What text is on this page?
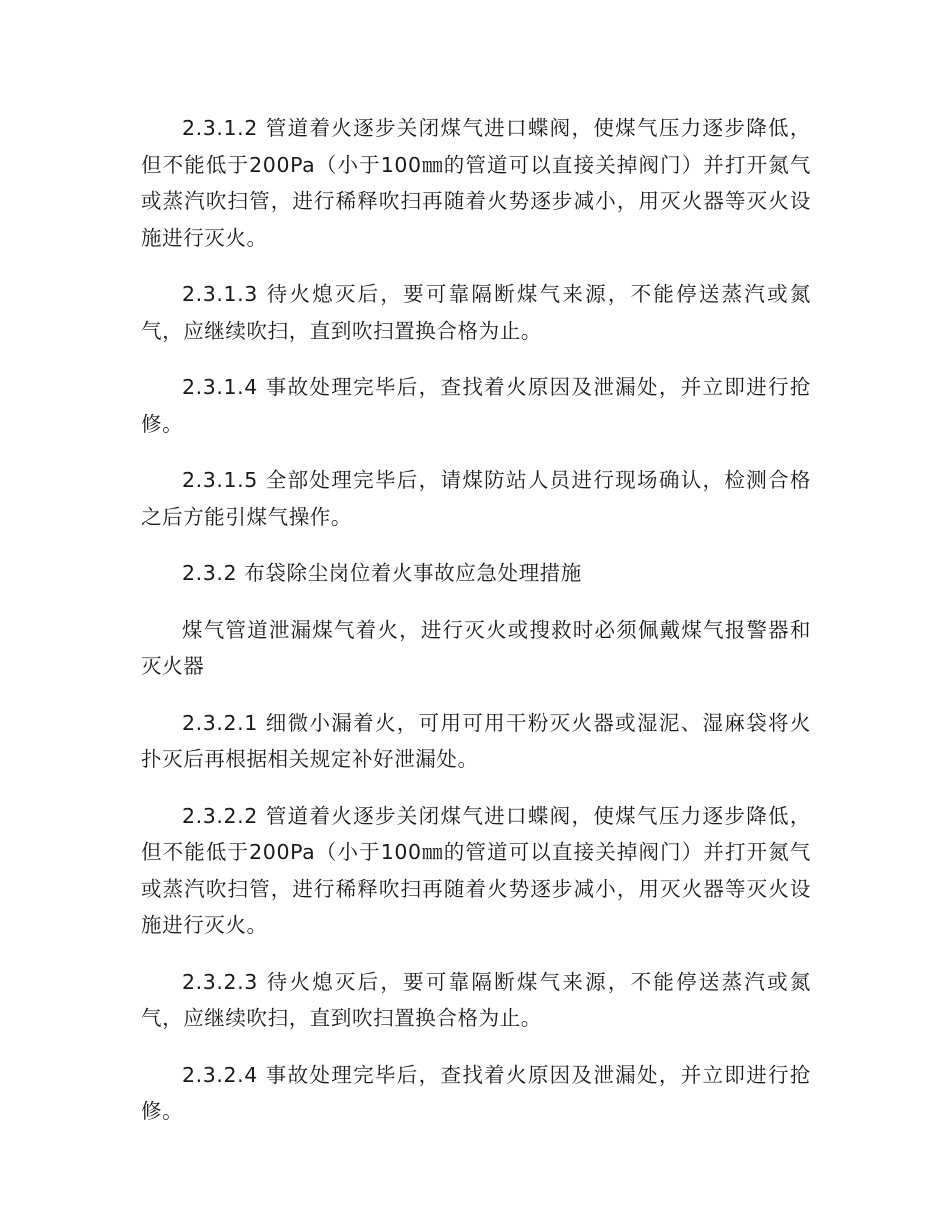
2.3.1.2 管道着火逐步关闭煤气进口蝶阀，使煤气压力逐步降低，但不能低于200Pa（小于100㎜的管道可以直接关掉阀门）并打开氮气或蒸汽吹扫管，进行稀释吹扫再随着火势逐步减小，用灭火器等灭火设施进行灭火。

2.3.1.3 待火熄灭后，要可靠隔断煤气来源，不能停送蒸汽或氮气，应继续吹扫，直到吹扫置换合格为止。

2.3.1.4 事故处理完毕后，查找着火原因及泄漏处，并立即进行抢修。

2.3.1.5 全部处理完毕后，请煤防站人员进行现场确认，检测合格之后方能引煤气操作。

2.3.2 布袋除尘岗位着火事故应急处理措施

煤气管道泄漏煤气着火，进行灭火或搜救时必须佩戴煤气报警器和灭火器

2.3.2.1 细微小漏着火，可用可用干粉灭火器或湿泥、湿麻袋将火扑灭后再根据相关规定补好泄漏处。

2.3.2.2 管道着火逐步关闭煤气进口蝶阀，使煤气压力逐步降低，但不能低于200Pa（小于100㎜的管道可以直接关掉阀门）并打开氮气或蒸汽吹扫管，进行稀释吹扫再随着火势逐步减小，用灭火器等灭火设施进行灭火。

2.3.2.3 待火熄灭后，要可靠隔断煤气来源，不能停送蒸汽或氮气，应继续吹扫，直到吹扫置换合格为止。

2.3.2.4 事故处理完毕后，查找着火原因及泄漏处，并立即进行抢修。
